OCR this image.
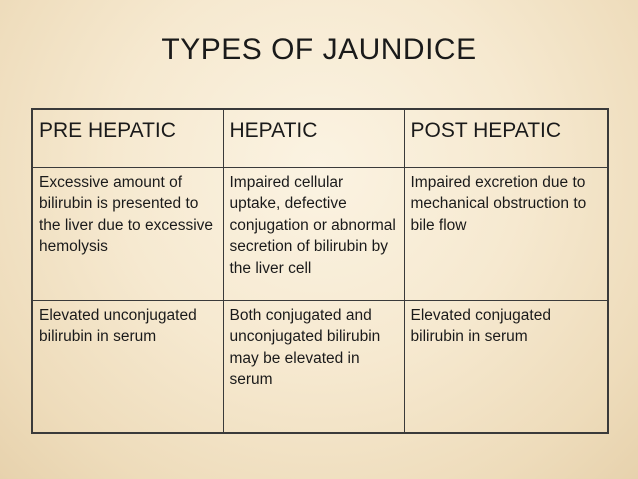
TYPES OF JAUNDICE
PRE HEPATIC	HEPATIC	POST HEPATIC
Excessive amount of bilirubin is presented to the liver due to excessive hemolysis	Impaired cellular uptake, defective conjugation or abnormal secretion of bilirubin by the liver cell	Impaired excretion due to mechanical obstruction to bile flow
Elevated unconjugated bilirubin in serum	Both conjugated and unconjugated bilirubin may be elevated in serum	Elevated conjugated bilirubin in serum
